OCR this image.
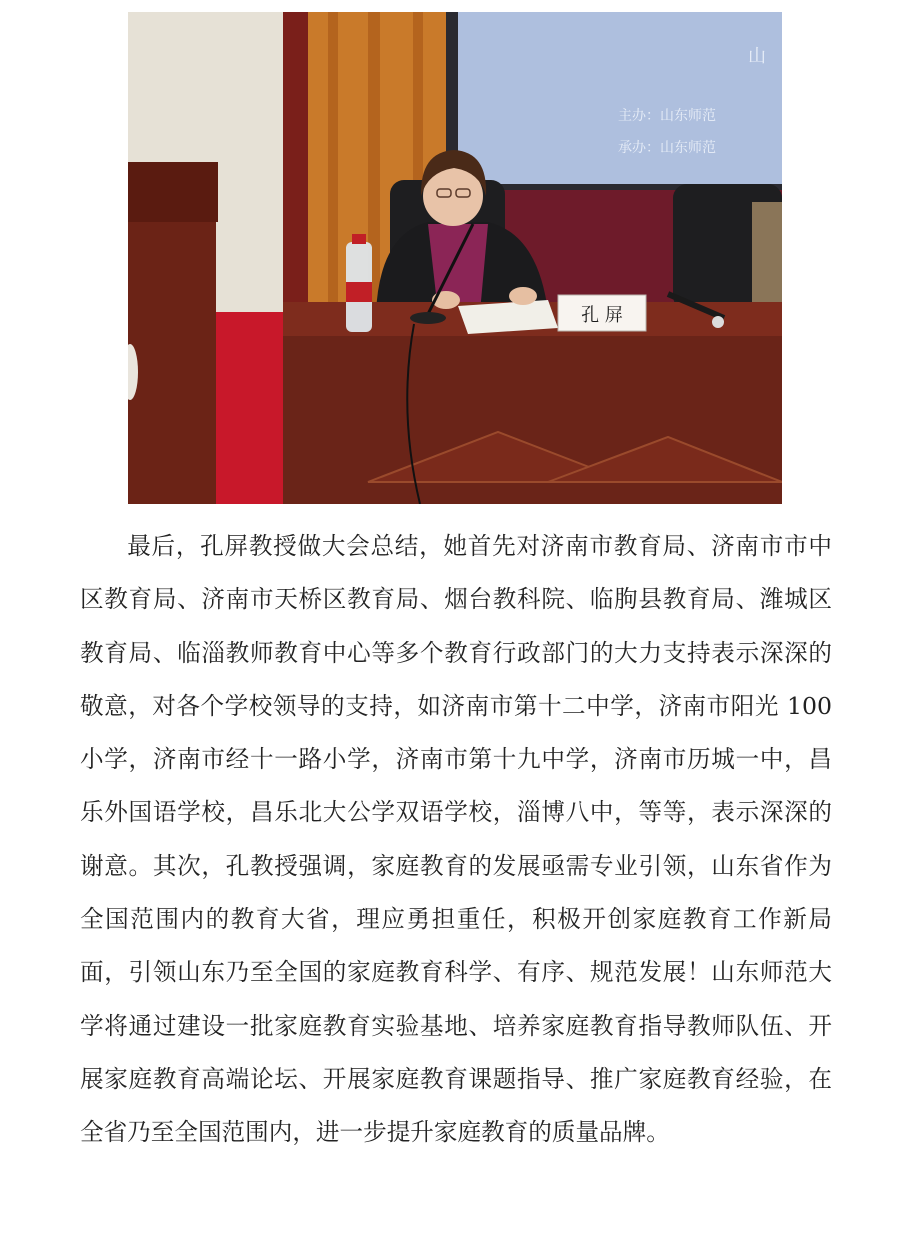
山
主办：山东师范
承办：山东师范
孔 屏

最后，孔屏教授做大会总结，她首先对济南市教育局、济南市市中区教育局、济南市天桥区教育局、烟台教科院、临朐县教育局、潍城区教育局、临淄教师教育中心等多个教育行政部门的大力支持表示深深的敬意，对各个学校领导的支持，如济南市第十二中学，济南市阳光 100 小学，济南市经十一路小学，济南市第十九中学，济南市历城一中，昌乐外国语学校，昌乐北大公学双语学校，淄博八中，等等，表示深深的谢意。其次，孔教授强调，家庭教育的发展亟需专业引领，山东省作为全国范围内的教育大省，理应勇担重任，积极开创家庭教育工作新局面，引领山东乃至全国的家庭教育科学、有序、规范发展！山东师范大学将通过建设一批家庭教育实验基地、培养家庭教育指导教师队伍、开展家庭教育高端论坛、开展家庭教育课题指导、推广家庭教育经验，在全省乃至全国范围内，进一步提升家庭教育的质量品牌。
